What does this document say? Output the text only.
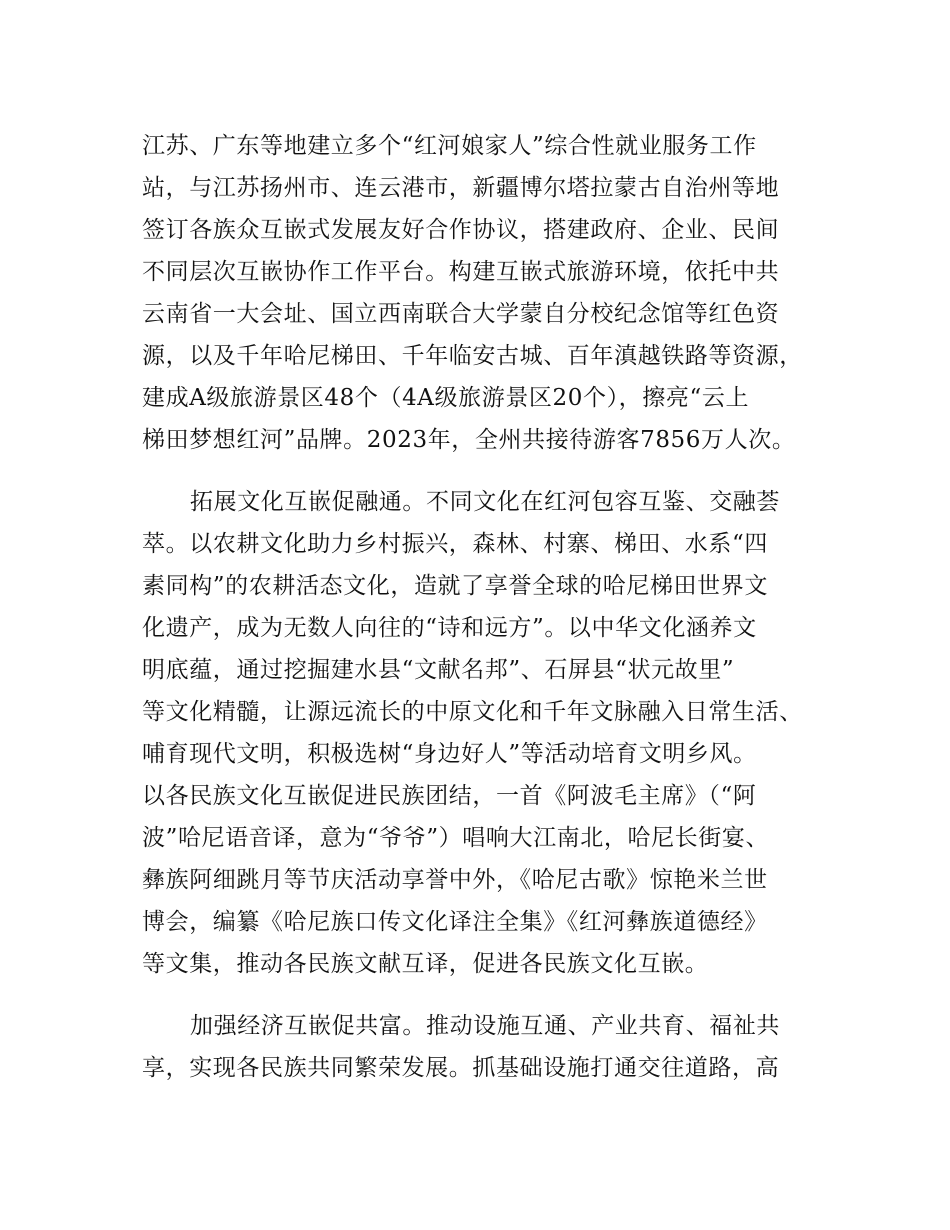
江苏、广东等地建立多个“红河娘家人”综合性就业服务工作
站，与江苏扬州市、连云港市，新疆博尔塔拉蒙古自治州等地
签订各族众互嵌式发展友好合作协议，搭建政府、企业、民间
不同层次互嵌协作工作平台。构建互嵌式旅游环境，依托中共
云南省一大会址、国立西南联合大学蒙自分校纪念馆等红色资
源，以及千年哈尼梯田、千年临安古城、百年滇越铁路等资源，
建成A级旅游景区48个（4A级旅游景区20个），擦亮“云上
梯田梦想红河”品牌。2023年，全州共接待游客7856万人次。
拓展文化互嵌促融通。不同文化在红河包容互鉴、交融荟
萃。以农耕文化助力乡村振兴，森林、村寨、梯田、水系“四
素同构”的农耕活态文化，造就了享誉全球的哈尼梯田世界文
化遗产，成为无数人向往的“诗和远方”。以中华文化涵养文
明底蕴，通过挖掘建水县“文献名邦”、石屏县“状元故里”
等文化精髓，让源远流长的中原文化和千年文脉融入日常生活、
哺育现代文明，积极选树“身边好人”等活动培育文明乡风。
以各民族文化互嵌促进民族团结，一首《阿波毛主席》（“阿
波”哈尼语音译，意为“爷爷”）唱响大江南北，哈尼长街宴、
彝族阿细跳月等节庆活动享誉中外，《哈尼古歌》惊艳米兰世
博会，编纂《哈尼族口传文化译注全集》《红河彝族道德经》
等文集，推动各民族文献互译，促进各民族文化互嵌。
加强经济互嵌促共富。推动设施互通、产业共育、福祉共
享，实现各民族共同繁荣发展。抓基础设施打通交往道路，高
